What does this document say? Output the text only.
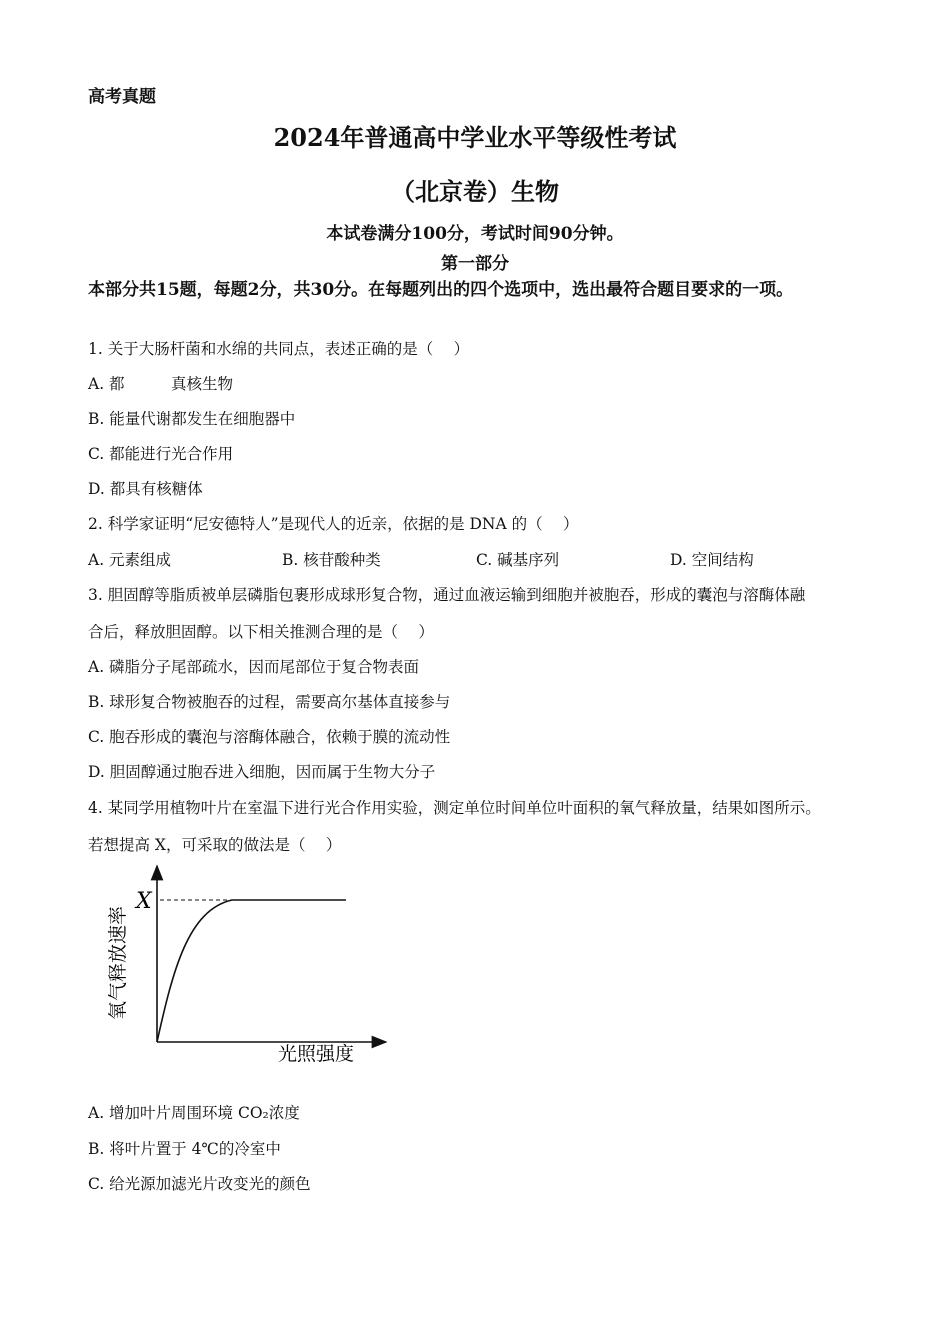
高考真题
2024年普通高中学业水平等级性考试
（北京卷）生物
本试卷满分100分，考试时间90分钟。
第一部分
本部分共15题，每题2分，共30分。在每题列出的四个选项中，选出最符合题目要求的一项。
1. 关于大肠杆菌和水绵的共同点，表述正确的是（　 ）
A. 都　　　真核生物
B. 能量代谢都发生在细胞器中
C. 都能进行光合作用
D. 都具有核糖体
2. 科学家证明“尼安德特人”是现代人的近亲，依据的是 DNA 的（　 ）
A. 元素组成	B. 核苷酸种类	C. 碱基序列	D. 空间结构
3. 胆固醇等脂质被单层磷脂包裹形成球形复合物，通过血液运输到细胞并被胞吞，形成的囊泡与溶酶体融
合后，释放胆固醇。以下相关推测合理的是（　 ）
A. 磷脂分子尾部疏水，因而尾部位于复合物表面
B. 球形复合物被胞吞的过程，需要高尔基体直接参与
C. 胞吞形成的囊泡与溶酶体融合，依赖于膜的流动性
D. 胆固醇通过胞吞进入细胞，因而属于生物大分子
4. 某同学用植物叶片在室温下进行光合作用实验，测定单位时间单位叶面积的氧气释放量，结果如图所示。
若想提高 X，可采取的做法是（　 ）
X
氧气释放速率
光照强度
A. 增加叶片周围环境 CO₂浓度
B. 将叶片置于 4℃的冷室中
C. 给光源加滤光片改变光的颜色
